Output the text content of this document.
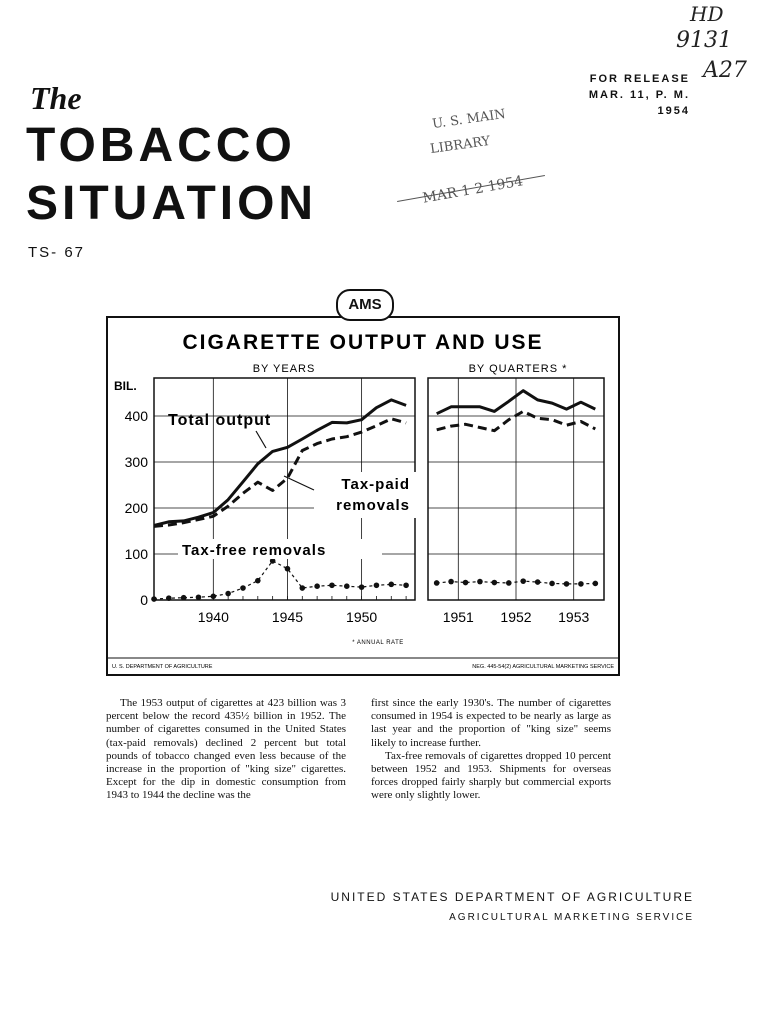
HD
9131
A27
FOR RELEASE
MAR. 11, P. M.
1954
The
TOBACCO
SITUATION
TS- 67
U. S. MAIN
LIBRARY
MAR 1 2 1954
AMS
CIGARETTE OUTPUT AND USE
BY YEARS	BY QUARTERS *
BIL.
0
100
200
300
400
1940	1945	1950	1951 1952 1953
Total output
Tax-paid
removals
Tax-free removals
* ANNUAL RATE
U. S. DEPARTMENT OF AGRICULTURE	NEG. 445-54(2) AGRICULTURAL MARKETING SERVICE

The 1953 output of cigarettes at 423 billion was 3 percent below the record 435½ billion in 1952. The number of cigarettes consumed in the United States (tax-paid removals) declined 2 percent but total pounds of tobacco changed even less because of the increase in the proportion of "king size" cigarettes. Except for the dip in domestic consumption from 1943 to 1944 the decline was the

first since the early 1930's. The number of cigarettes consumed in 1954 is expected to be nearly as large as last year and the proportion of "king size" seems likely to increase further.

Tax-free removals of cigarettes dropped 10 percent between 1952 and 1953. Shipments for overseas forces dropped fairly sharply but commercial exports were only slightly lower.

UNITED STATES DEPARTMENT OF AGRICULTURE
AGRICULTURAL MARKETING SERVICE
